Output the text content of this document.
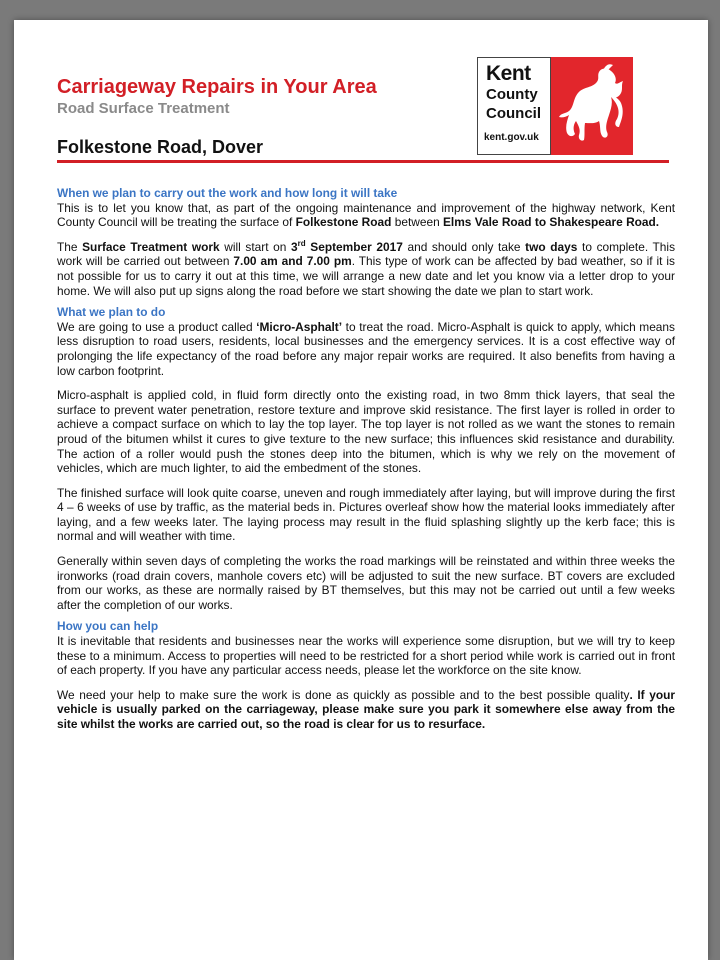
Carriageway Repairs in Your Area
Road Surface Treatment
Folkestone Road, Dover

Kent

County

Council

kent.gov.uk

When we plan to carry out the work and how long it will take

This is to let you know that, as part of the ongoing maintenance and improvement of the highway network, Kent County Council will be treating the surface of Folkestone Road between Elms Vale Road to Shakespeare Road.

The Surface Treatment work will start on 3rd September 2017 and should only take two days to complete. This work will be carried out between 7.00 am and 7.00 pm. This type of work can be affected by bad weather, so if it is not possible for us to carry it out at this time, we will arrange a new date and let you know via a letter drop to your home. We will also put up signs along the road before we start showing the date we plan to start work.

What we plan to do

We are going to use a product called ‘Micro-Asphalt’ to treat the road. Micro-Asphalt is quick to apply, which means less disruption to road users, residents, local businesses and the emergency services. It is a cost effective way of prolonging the life expectancy of the road before any major repair works are required. It also benefits from having a low carbon footprint.

Micro-asphalt is applied cold, in fluid form directly onto the existing road, in two 8mm thick layers, that seal the surface to prevent water penetration, restore texture and improve skid resistance. The first layer is rolled in order to achieve a compact surface on which to lay the top layer. The top layer is not rolled as we want the stones to remain proud of the bitumen whilst it cures to give texture to the new surface; this influences skid resistance and durability. The action of a roller would push the stones deep into the bitumen, which is why we rely on the movement of vehicles, which are much lighter, to aid the embedment of the stones.

The finished surface will look quite coarse, uneven and rough immediately after laying, but will improve during the first 4 – 6 weeks of use by traffic, as the material beds in. Pictures overleaf show how the material looks immediately after laying, and a few weeks later. The laying process may result in the fluid splashing slightly up the kerb face; this is normal and will weather with time.

Generally within seven days of completing the works the road markings will be reinstated and within three weeks the ironworks (road drain covers, manhole covers etc) will be adjusted to suit the new surface. BT covers are excluded from our works, as these are normally raised by BT themselves, but this may not be carried out until a few weeks after the completion of our works.

How you can help

It is inevitable that residents and businesses near the works will experience some disruption, but we will try to keep these to a minimum. Access to properties will need to be restricted for a short period while work is carried out in front of each property. If you have any particular access needs, please let the workforce on the site know.

We need your help to make sure the work is done as quickly as possible and to the best possible quality. If your vehicle is usually parked on the carriageway, please make sure you park it somewhere else away from the site whilst the works are carried out, so the road is clear for us to resurface.
